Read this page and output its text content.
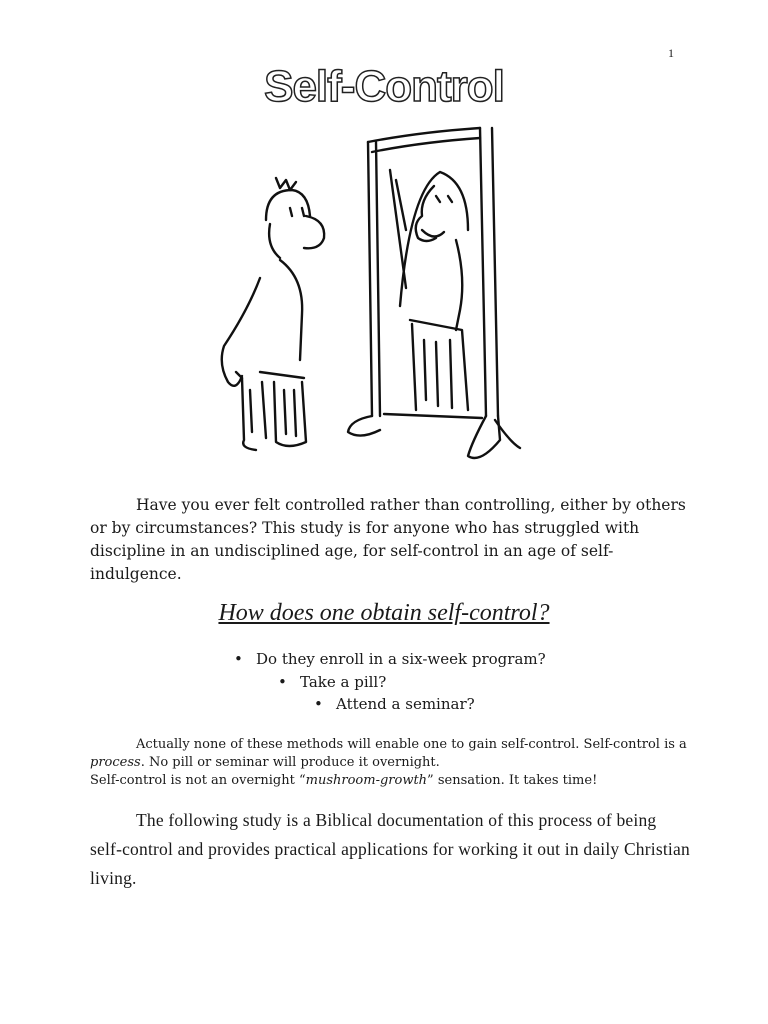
1
Self-Control

Have you ever felt controlled rather than controlling, either by others or by circumstances? This study is for anyone who has struggled with discipline in an undisciplined age, for self-control in an age of self-indulgence.

How does one obtain self-control?
• Do they enroll in a six-week program?
• Take a pill?
• Attend a seminar?

Actually none of these methods will enable one to gain self-control. Self-control is a process. No pill or seminar will produce it overnight.
Self-control is not an overnight “mushroom-growth” sensation. It takes time!

The following study is a Biblical documentation of this process of being self-control and provides practical applications for working it out in daily Christian living.
